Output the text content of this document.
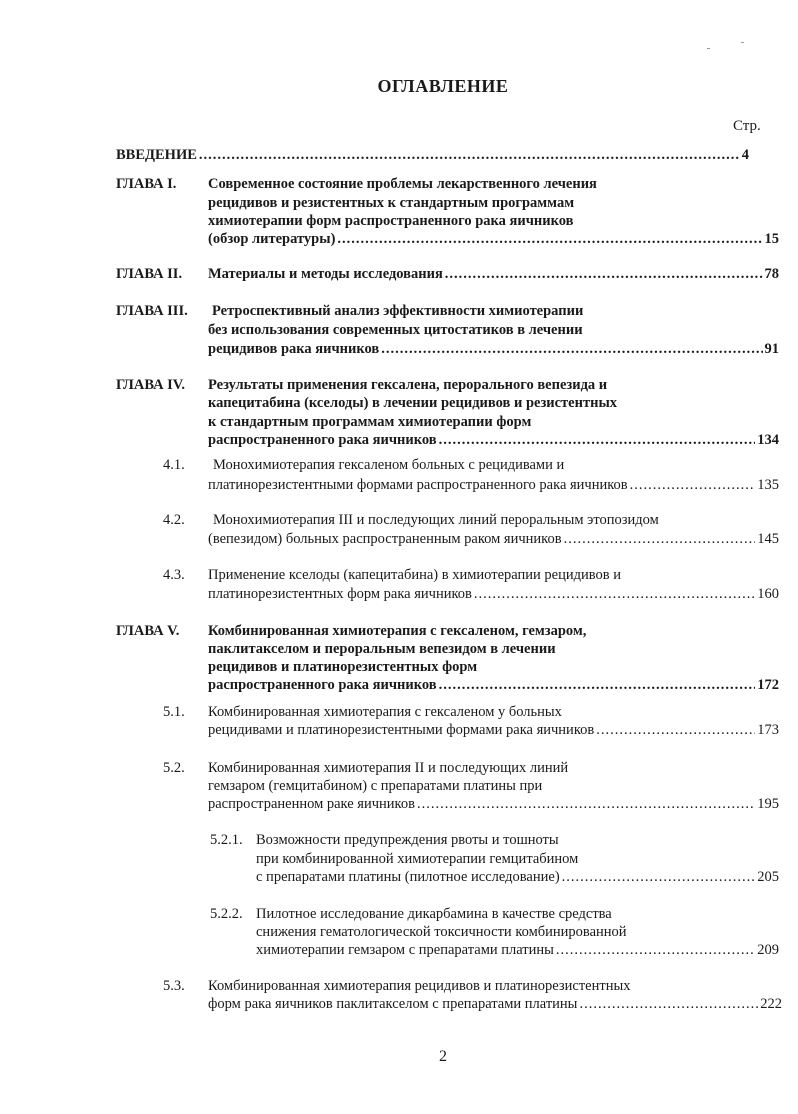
ОГЛАВЛЕНИЕ
Стр.
ВВЕДЕНИЕ .....	4
ГЛАВА I. Современное состояние проблемы лекарственного лечения
рецидивов и резистентных к стандартным программам
химиотерапии форм распространенного рака яичников
(обзор литературы) .....	15
ГЛАВА II. Материалы и методы исследования .....	78
ГЛАВА III. Ретроспективный анализ эффективности химиотерапии
без использования современных цитостатиков в лечении
рецидивов рака яичников .....	91
ГЛАВА IV. Результаты применения гексалена, перорального вепезида и
капецитабина (кселоды) в лечении рецидивов и резистентных
к стандартным программам химиотерапии форм
распространенного рака яичников .....	134
4.1. Монохимиотерапия гексаленом больных с рецидивами и
платинорезистентными формами распространенного рака яичников .....	135
4.2. Монохимиотерапия III и последующих линий пероральным этопозидом
(вепезидом) больных распространенным раком яичников .....	145
4.3. Применение кселоды (капецитабина) в химиотерапии рецидивов и
платинорезистентных форм рака яичников .....	160
ГЛАВА V. Комбинированная химиотерапия с гексаленом, гемзаром,
паклитакселом и пероральным вепезидом в лечении
рецидивов и платинорезистентных форм
распространенного рака яичников .....	172
5.1. Комбинированная химиотерапия с гексаленом у больных
рецидивами и платинорезистентными формами рака яичников .....	173
5.2. Комбинированная химиотерапия II и последующих линий
гемзаром (гемцитабином) с препаратами платины при
распространенном раке яичников .....	195
5.2.1. Возможности предупреждения рвоты и тошноты
при комбинированной химиотерапии гемцитабином
с препаратами платины (пилотное исследование) .....	205
5.2.2. Пилотное исследование дикарбамина в качестве средства
снижения гематологической токсичности комбинированной
химиотерапии гемзаром с препаратами платины .....	209
5.3. Комбинированная химиотерапия рецидивов и платинорезистентных
форм рака яичников паклитакселом с препаратами платины .....	222
2
